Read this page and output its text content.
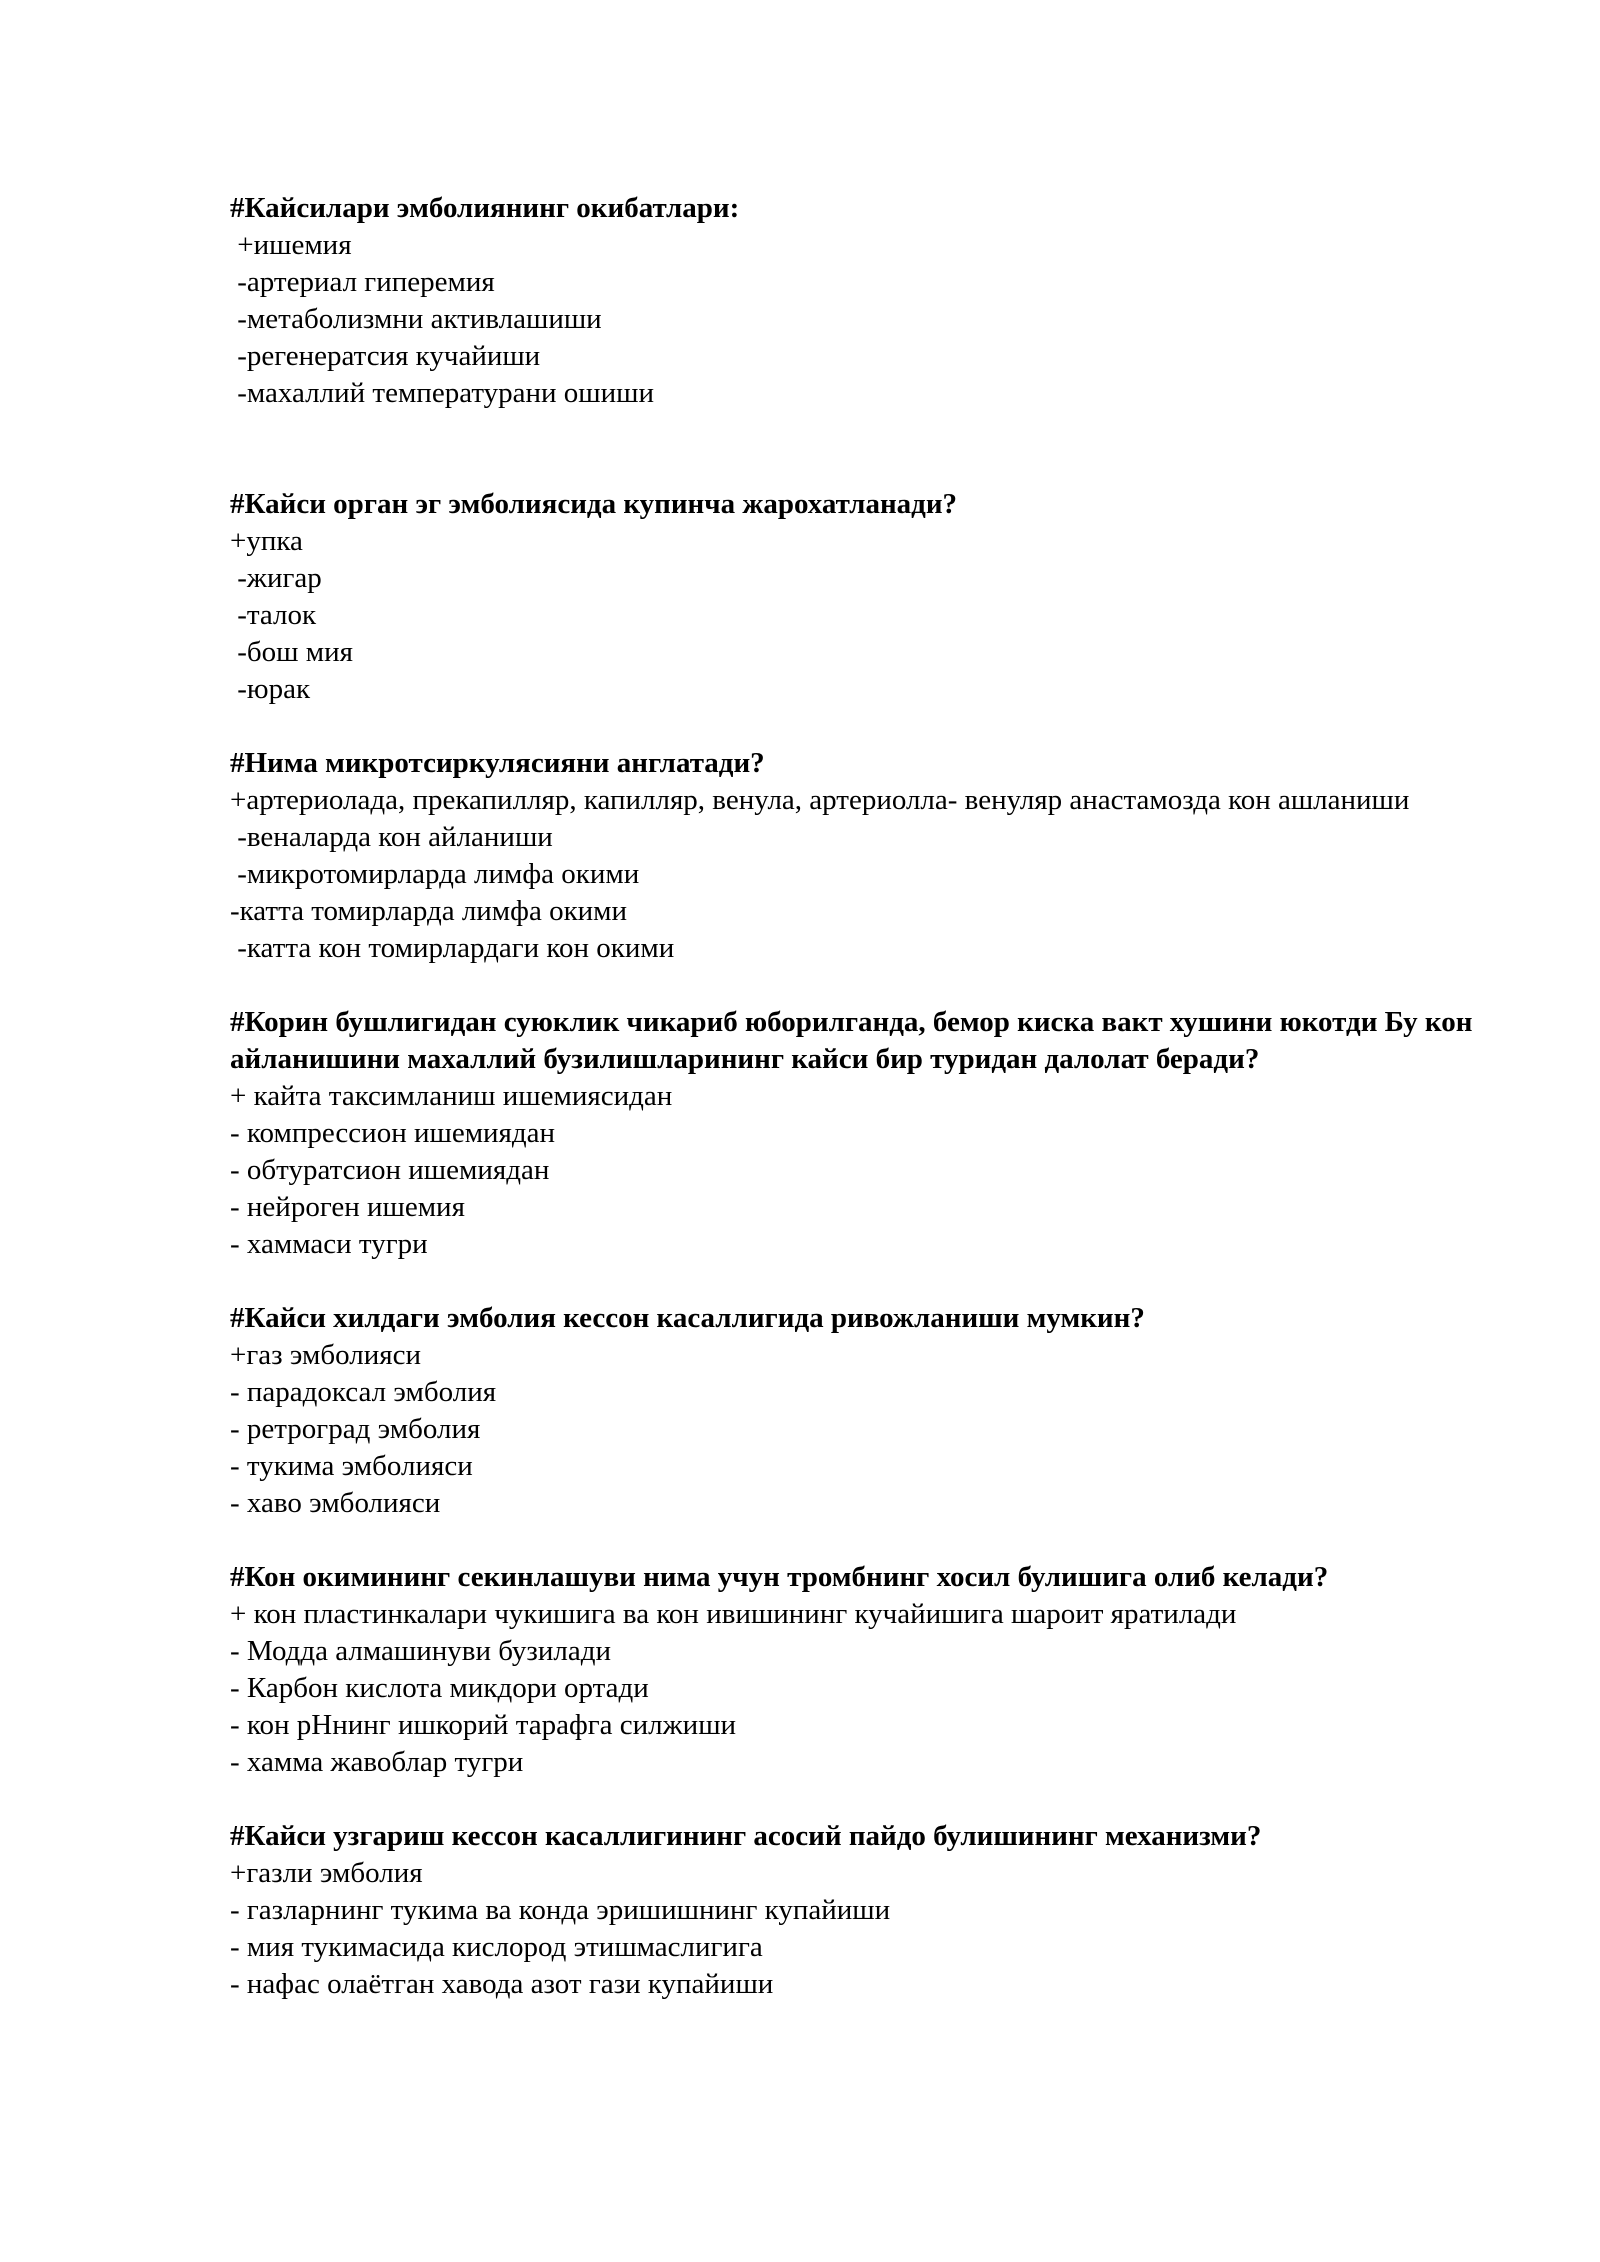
#Кайсилари эмболиянинг окибатлари:

+ишемия
-артериал гиперемия
-метаболизмни активлашиши
-регенератсия кучайиши
-махаллий температурани ошиши

#Кайси орган эг эмболиясида купинча жарохатланади?

+упка
-жигар
-талок
-бош мия
-юрак

#Нима микротсиркулясияни англатади?

+артериолада, прекапилляр, капилляр, венула, артериолла- венуляр анастамозда кон ашланиши
-веналарда кон айланиши
-микротомирларда лимфа окими
-катта томирларда лимфа окими
-катта кон томирлардаги кон окими

#Корин бушлигидан суюклик чикариб юборилганда, бемор киска вакт хушини юкотди Бу кон айланишини махаллий бузилишларининг кайси бир туридан далолат беради?

+ кайта таксимланиш ишемиясидан
- компрессион ишемиядан
- обтуратсион ишемиядан
- нейроген ишемия
- хаммаси тугри

#Кайси хилдаги эмболия кессон касаллигида ривожланиши мумкин?

+газ эмболияси
- парадоксал эмболия
- ретроград эмболия
- тукима эмболияси
- хаво эмболияси

#Кон окимининг секинлашуви нима учун тромбнинг хосил булишига олиб келади?

+ кон пластинкалари чукишига ва кон ивишининг кучайишига шароит яратилади
- Модда алмашинуви бузилади
- Карбон кислота микдори ортади
- кон рНнинг ишкорий тарафга силжиши
- хамма жавоблар тугри

#Кайси узгариш кессон касаллигининг асосий пайдо булишининг механизми?

+газли эмболия
- газларнинг тукима ва конда эришишнинг купайиши
- мия тукимасида кислород этишмаслигига
- нафас олаётган хавода азот гази купайиши
